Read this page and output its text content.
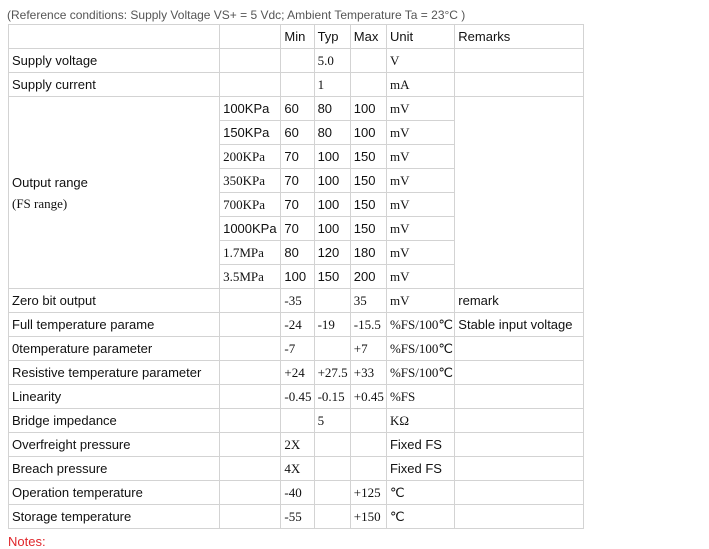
(Reference conditions: Supply Voltage VS+ = 5 Vdc; Ambient Temperature Ta = 23°C )
		Min	Typ	Max	Unit	Remarks
Supply voltage			5.0		V	
Supply current			1		mA	

Output range
(FS range)	100KPa	60	80	100	mV	
	150KPa	60	80	100	mV	
	200KPa	70	100	150	mV	
	350KPa	70	100	150	mV	
	700KPa	70	100	150	mV	
	1000KPa	70	100	150	mV	
	1.7MPa	80	120	180	mV	
	3.5MPa	100	150	200	mV	
Zero bit output		-35		35	mV	remark
Full temperature parame		-24	-19	-15.5	%FS/100℃	Stable input voltage
0temperature parameter		-7		+7	%FS/100℃	
Resistive temperature parameter		+24	+27.5	+33	%FS/100℃	
Linearity		-0.45	-0.15	+0.45	%FS	
Bridge impedance			5		KΩ	
Overfreight pressure		2X			Fixed FS	
Breach pressure		4X			Fixed FS	
Operation temperature		-40		+125	℃	
Storage temperature		-55		+150	℃	
Notes:
